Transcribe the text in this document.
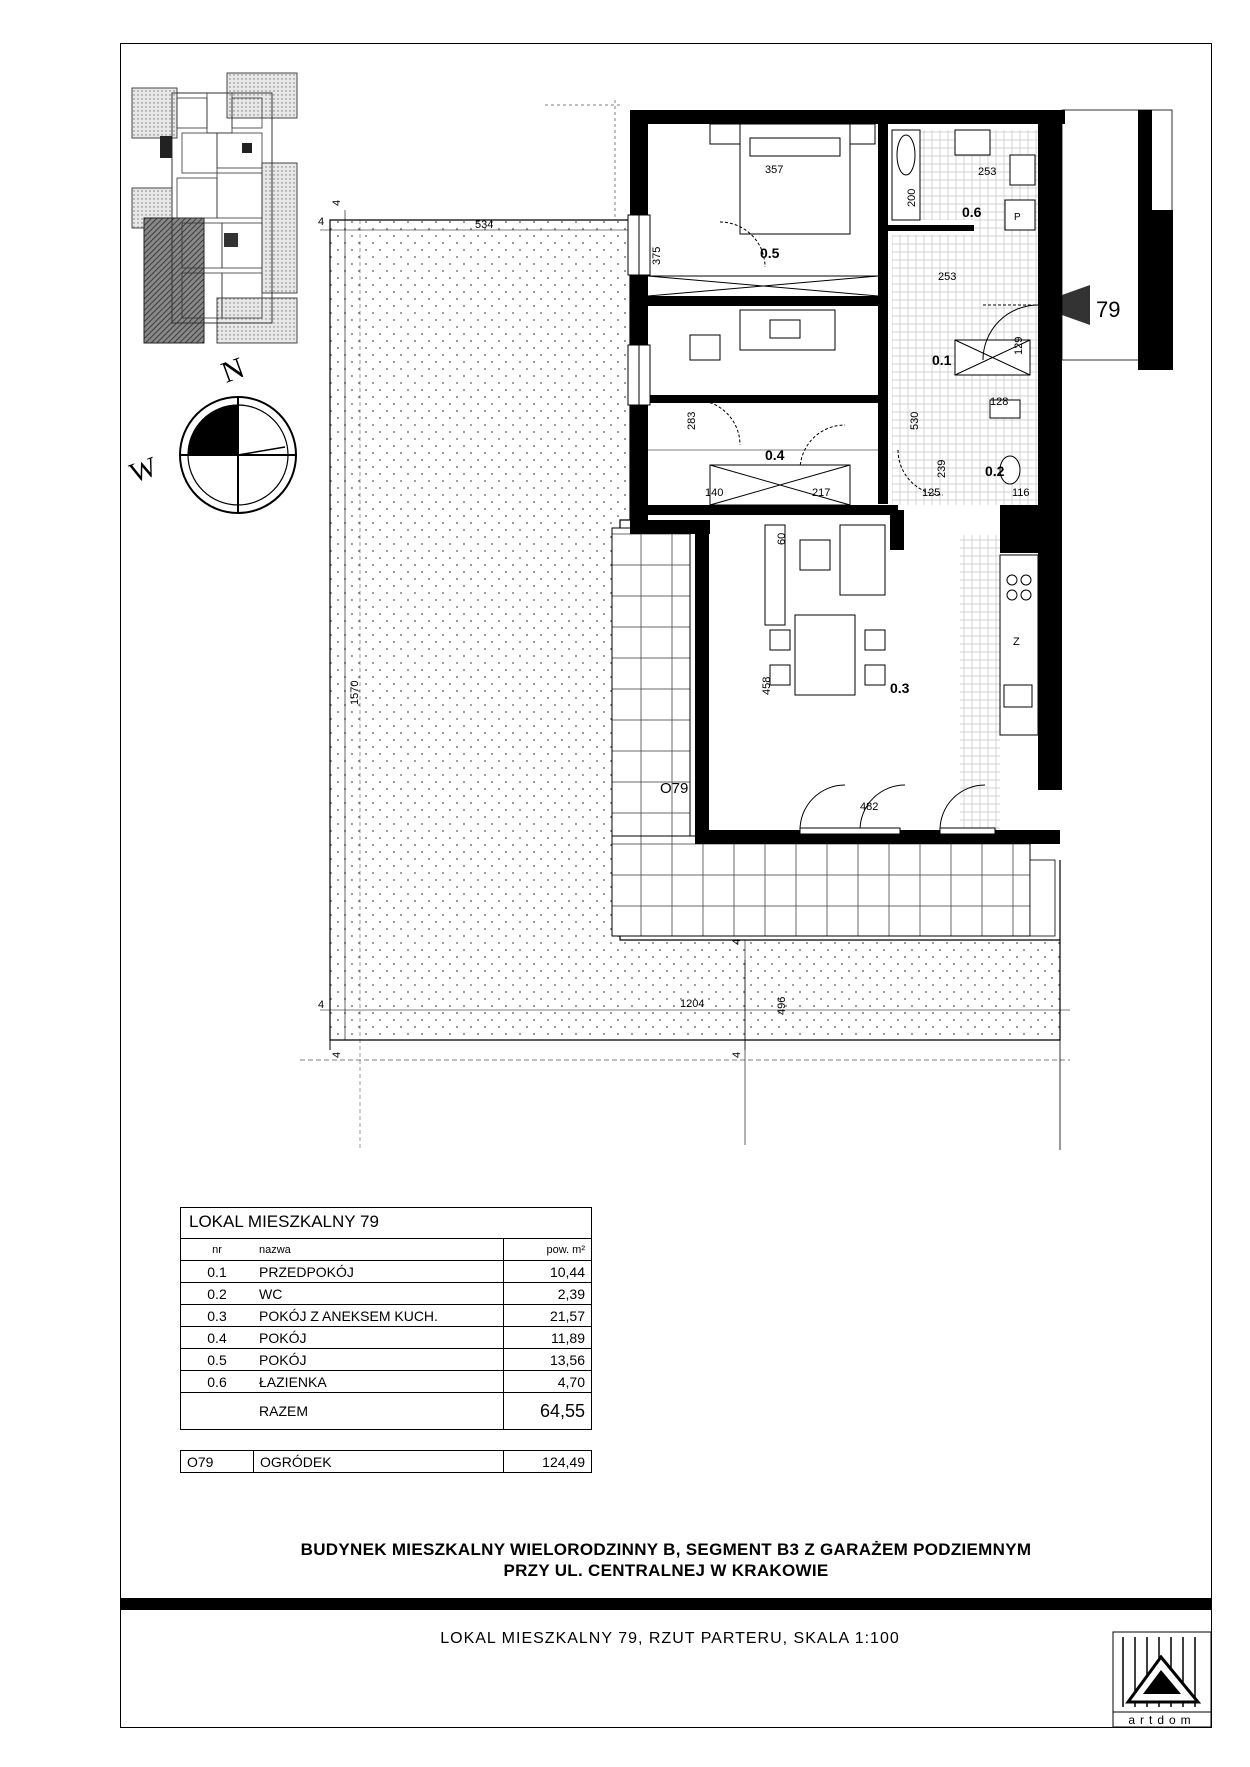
N
W
P
79
Z
0.5
0.6
0.1
0.4
0.2
0.3
O79
357
534
375
253
253
200
129
128
530
283
239
125	116
60
140	217
458
482
1570
496
1204
4
4
4
4	4
4
LOKAL MIESZKALNY 79
nr	nazwa	pow. m²
0.1	PRZEDPOKÓJ	10,44
0.2	WC	2,39
0.3	POKÓJ Z ANEKSEM KUCH.	21,57
0.4	POKÓJ	11,89
0.5	POKÓJ	13,56
0.6	ŁAZIENKA	4,70
	RAZEM	64,55
O79	OGRÓDEK	124,49
BUDYNEK MIESZKALNY WIELORODZINNY B, SEGMENT B3 Z GARAŻEM PODZIEMNYM
PRZY UL. CENTRALNEJ W KRAKOWIE
LOKAL MIESZKALNY 79, RZUT PARTERU, SKALA 1:100
artdom
